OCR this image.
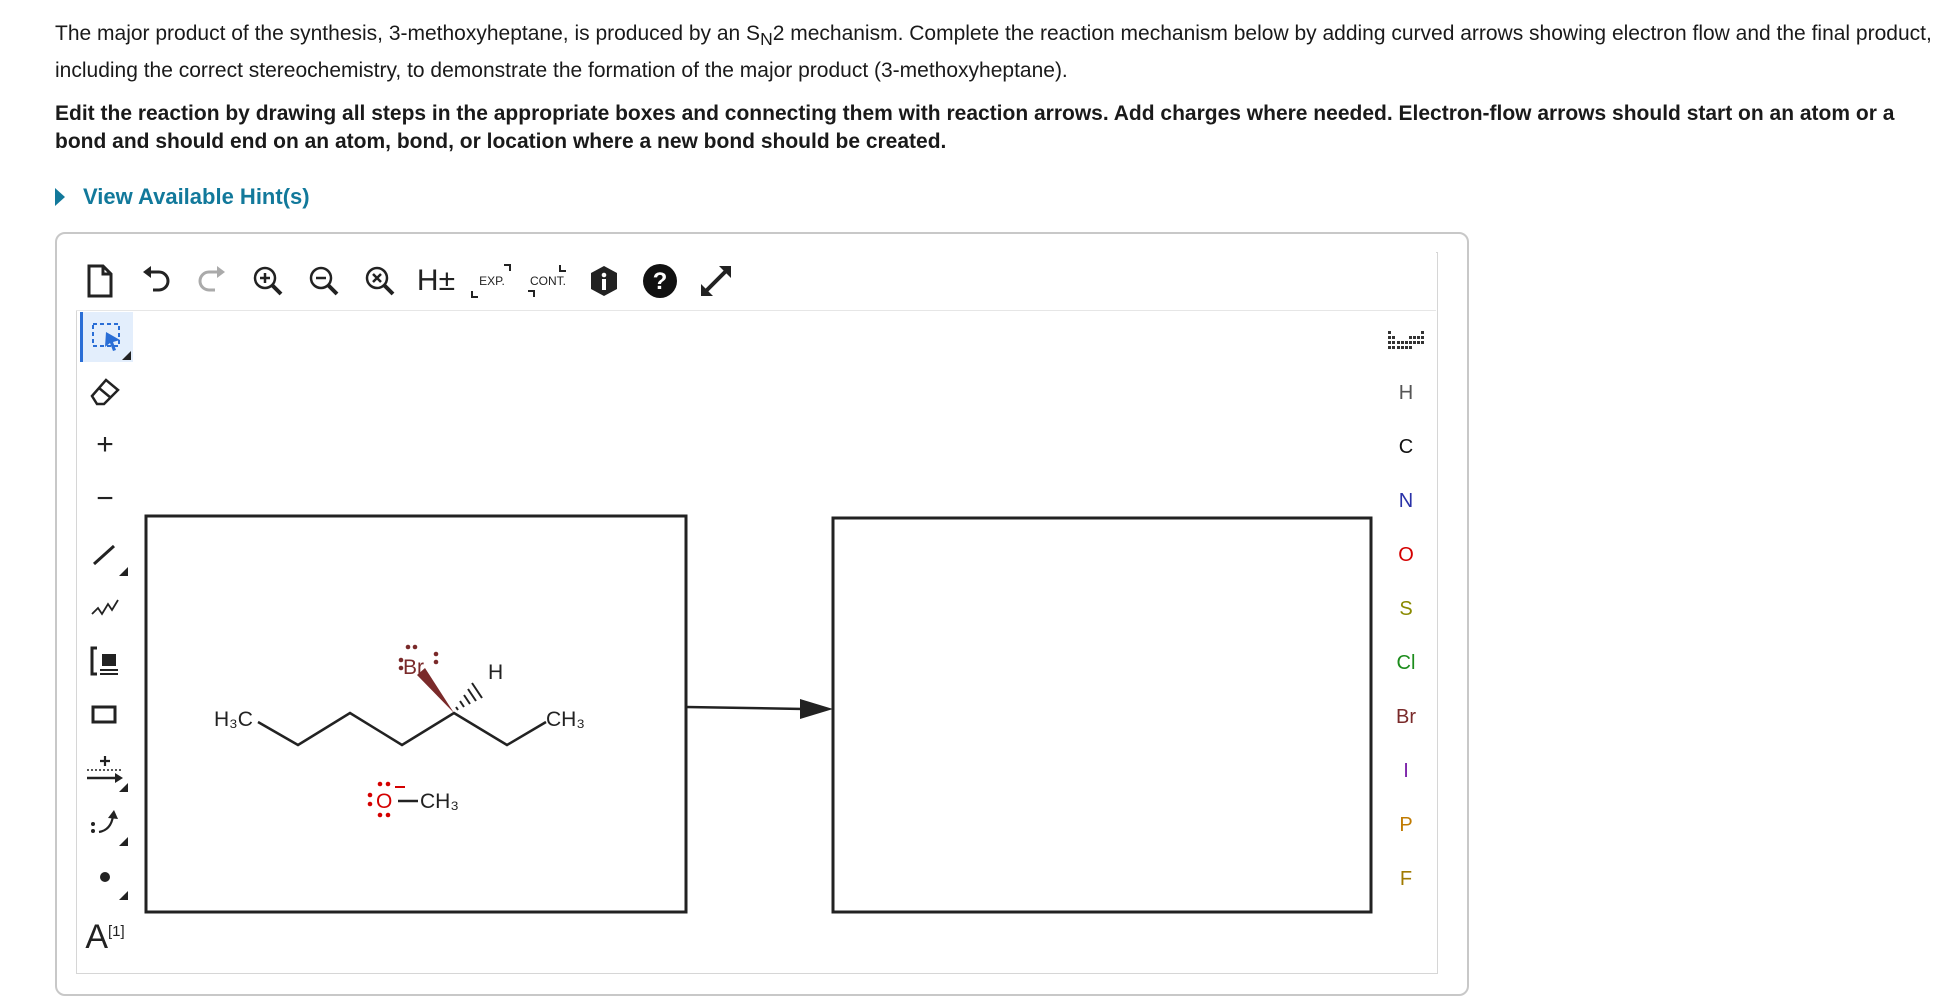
The major product of the synthesis, 3-methoxyheptane, is produced by an $S_N2$ mechanism. Complete the reaction mechanism below by adding curved arrows showing electron flow and the final product, including the correct stereochemistry, to demonstrate the formation of the major product (3-methoxyheptane).
Edit the reaction by drawing all steps in the appropriate boxes and connecting them with reaction arrows. Add charges where needed. Electron-flow arrows should start on an atom or a bond and should end on an atom, bond, or location where a new bond should be created.
View Available Hint(s)
H± EXP. CONT.	?
+
−
A [1]
H
C
N
O
S
Cl
Br
I
P
F
H₃C	CH₃
Br	H
O CH₃
